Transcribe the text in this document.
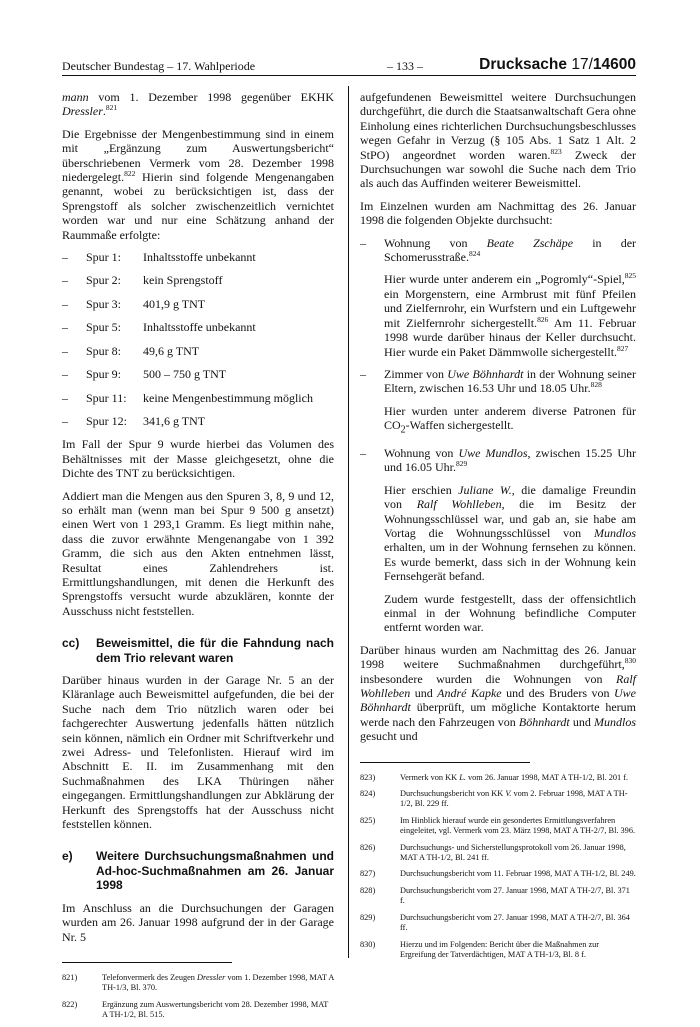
Deutscher Bundestag – 17. Wahlperiode	– 133 –	Drucksache 17/14600

mann vom 1. Dezember 1998 gegenüber EKHK Dressler.$^{821}$

Die Ergebnisse der Mengenbestimmung sind in einem mit „Ergänzung zum Auswertungsbericht“ überschriebenen Vermerk vom 28. Dezember 1998 niedergelegt.$^{822}$ Hierin sind folgende Mengenangaben genannt, wobei zu berücksichtigen ist, dass der Sprengstoff als solcher zwischenzeitlich vernichtet worden war und nur eine Schätzung anhand der Raummaße erfolgte:

– Spur 1: Inhaltsstoffe unbekannt
– Spur 2: kein Sprengstoff
– Spur 3: 401,9 g TNT
– Spur 5: Inhaltsstoffe unbekannt
– Spur 8: 49,6 g TNT
– Spur 9: 500 – 750 g TNT
– Spur 11: keine Mengenbestimmung möglich
– Spur 12: 341,6 g TNT

Im Fall der Spur 9 wurde hierbei das Volumen des Behältnisses mit der Masse gleichgesetzt, ohne die Dichte des TNT zu berücksichtigen.

Addiert man die Mengen aus den Spuren 3, 8, 9 und 12, so erhält man (wenn man bei Spur 9 500 g ansetzt) einen Wert von 1 293,1 Gramm. Es liegt mithin nahe, dass die zuvor erwähnte Mengenangabe von 1 392 Gramm, die sich aus den Akten entnehmen lässt, Resultat eines Zahlendrehers ist. Ermittlungshandlungen, mit denen die Herkunft des Sprengstoffs versucht wurde abzuklären, konnte der Ausschuss nicht feststellen.

cc)	Beweismittel, die für die Fahndung nach dem Trio relevant waren

Darüber hinaus wurden in der Garage Nr. 5 an der Kläranlage auch Beweismittel aufgefunden, die bei der Suche nach dem Trio nützlich waren oder bei fachgerechter Auswertung jedenfalls hätten nützlich sein können, nämlich ein Ordner mit Schriftverkehr und zwei Adress- und Telefonlisten. Hierauf wird im Abschnitt E. II. im Zusammenhang mit den Suchmaßnahmen des LKA Thüringen näher eingegangen. Ermittlungshandlungen zur Abklärung der Herkunft des Sprengstoffs hat der Ausschuss nicht feststellen können.

e)	Weitere Durchsuchungsmaßnahmen und Ad-hoc-Suchmaßnahmen am 26. Januar 1998

Im Anschluss an die Durchsuchungen der Garagen wurden am 26. Januar 1998 aufgrund der in der Garage Nr. 5

821)	Telefonvermerk des Zeugen Dressler vom 1. Dezember 1998, MAT A TH-1/3, Bl. 370.
822)	Ergänzung zum Auswertungsbericht vom 28. Dezember 1998, MAT A TH-1/2, Bl. 515.

aufgefundenen Beweismittel weitere Durchsuchungen durchgeführt, die durch die Staatsanwaltschaft Gera ohne Einholung eines richterlichen Durchsuchungsbeschlusses wegen Gefahr in Verzug (§ 105 Abs. 1 Satz 1 Alt. 2 StPO) angeordnet worden waren.$^{823}$ Zweck der Durchsuchungen war sowohl die Suche nach dem Trio als auch das Auffinden weiterer Beweismittel.

Im Einzelnen wurden am Nachmittag des 26. Januar 1998 die folgenden Objekte durchsucht:

– Wohnung von Beate Zschäpe in der Schomerusstraße.$^{824}$
Hier wurde unter anderem ein „Pogromly“-Spiel,$^{825}$ ein Morgenstern, eine Armbrust mit fünf Pfeilen und Zielfernrohr, ein Wurfstern und ein Luftgewehr mit Zielfernrohr sichergestellt.$^{826}$ Am 11. Februar 1998 wurde darüber hinaus der Keller durchsucht. Hier wurde ein Paket Dämmwolle sichergestellt.$^{827}$
– Zimmer von Uwe Böhnhardt in der Wohnung seiner Eltern, zwischen 16.53 Uhr und 18.05 Uhr.$^{828}$
Hier wurden unter anderem diverse Patronen für $CO_2$-Waffen sichergestellt.
– Wohnung von Uwe Mundlos, zwischen 15.25 Uhr und 16.05 Uhr.$^{829}$
Hier erschien Juliane W., die damalige Freundin von Ralf Wohlleben, die im Besitz der Wohnungsschlüssel war, und gab an, sie habe am Vortag die Wohnungsschlüssel von Mundlos erhalten, um in der Wohnung fernsehen zu können. Es wurde bemerkt, dass sich in der Wohnung kein Fernsehgerät befand.
Zudem wurde festgestellt, dass der offensichtlich einmal in der Wohnung befindliche Computer entfernt worden war.

Darüber hinaus wurden am Nachmittag des 26. Januar 1998 weitere Suchmaßnahmen durchgeführt,$^{830}$ insbesondere wurden die Wohnungen von Ralf Wohlleben und André Kapke und des Bruders von Uwe Böhnhardt überprüft, um mögliche Kontaktorte herum werde nach den Fahrzeugen von Böhnhardt und Mundlos gesucht und

823)	Vermerk von KK L. vom 26. Januar 1998, MAT A TH-1/2, Bl. 201 f.
824)	Durchsuchungsbericht von KK V. vom 2. Februar 1998, MAT A TH-1/2, Bl. 229 ff.
825)	Im Hinblick hierauf wurde ein gesondertes Ermittlungsverfahren eingeleitet, vgl. Vermerk vom 23. März 1998, MAT A TH-2/7, Bl. 396.
826)	Durchsuchungs- und Sicherstellungsprotokoll vom 26. Januar 1998, MAT A TH-1/2, Bl. 241 ff.
827)	Durchsuchungsbericht vom 11. Februar 1998, MAT A TH-1/2, Bl. 249.
828)	Durchsuchungsbericht vom 27. Januar 1998, MAT A TH-2/7, Bl. 371 f.
829)	Durchsuchungsbericht vom 27. Januar 1998, MAT A TH-2/7, Bl. 364 ff.
830)	Hierzu und im Folgenden: Bericht über die Maßnahmen zur Ergreifung der Tatverdächtigen, MAT A TH-1/3, Bl. 8 f.
